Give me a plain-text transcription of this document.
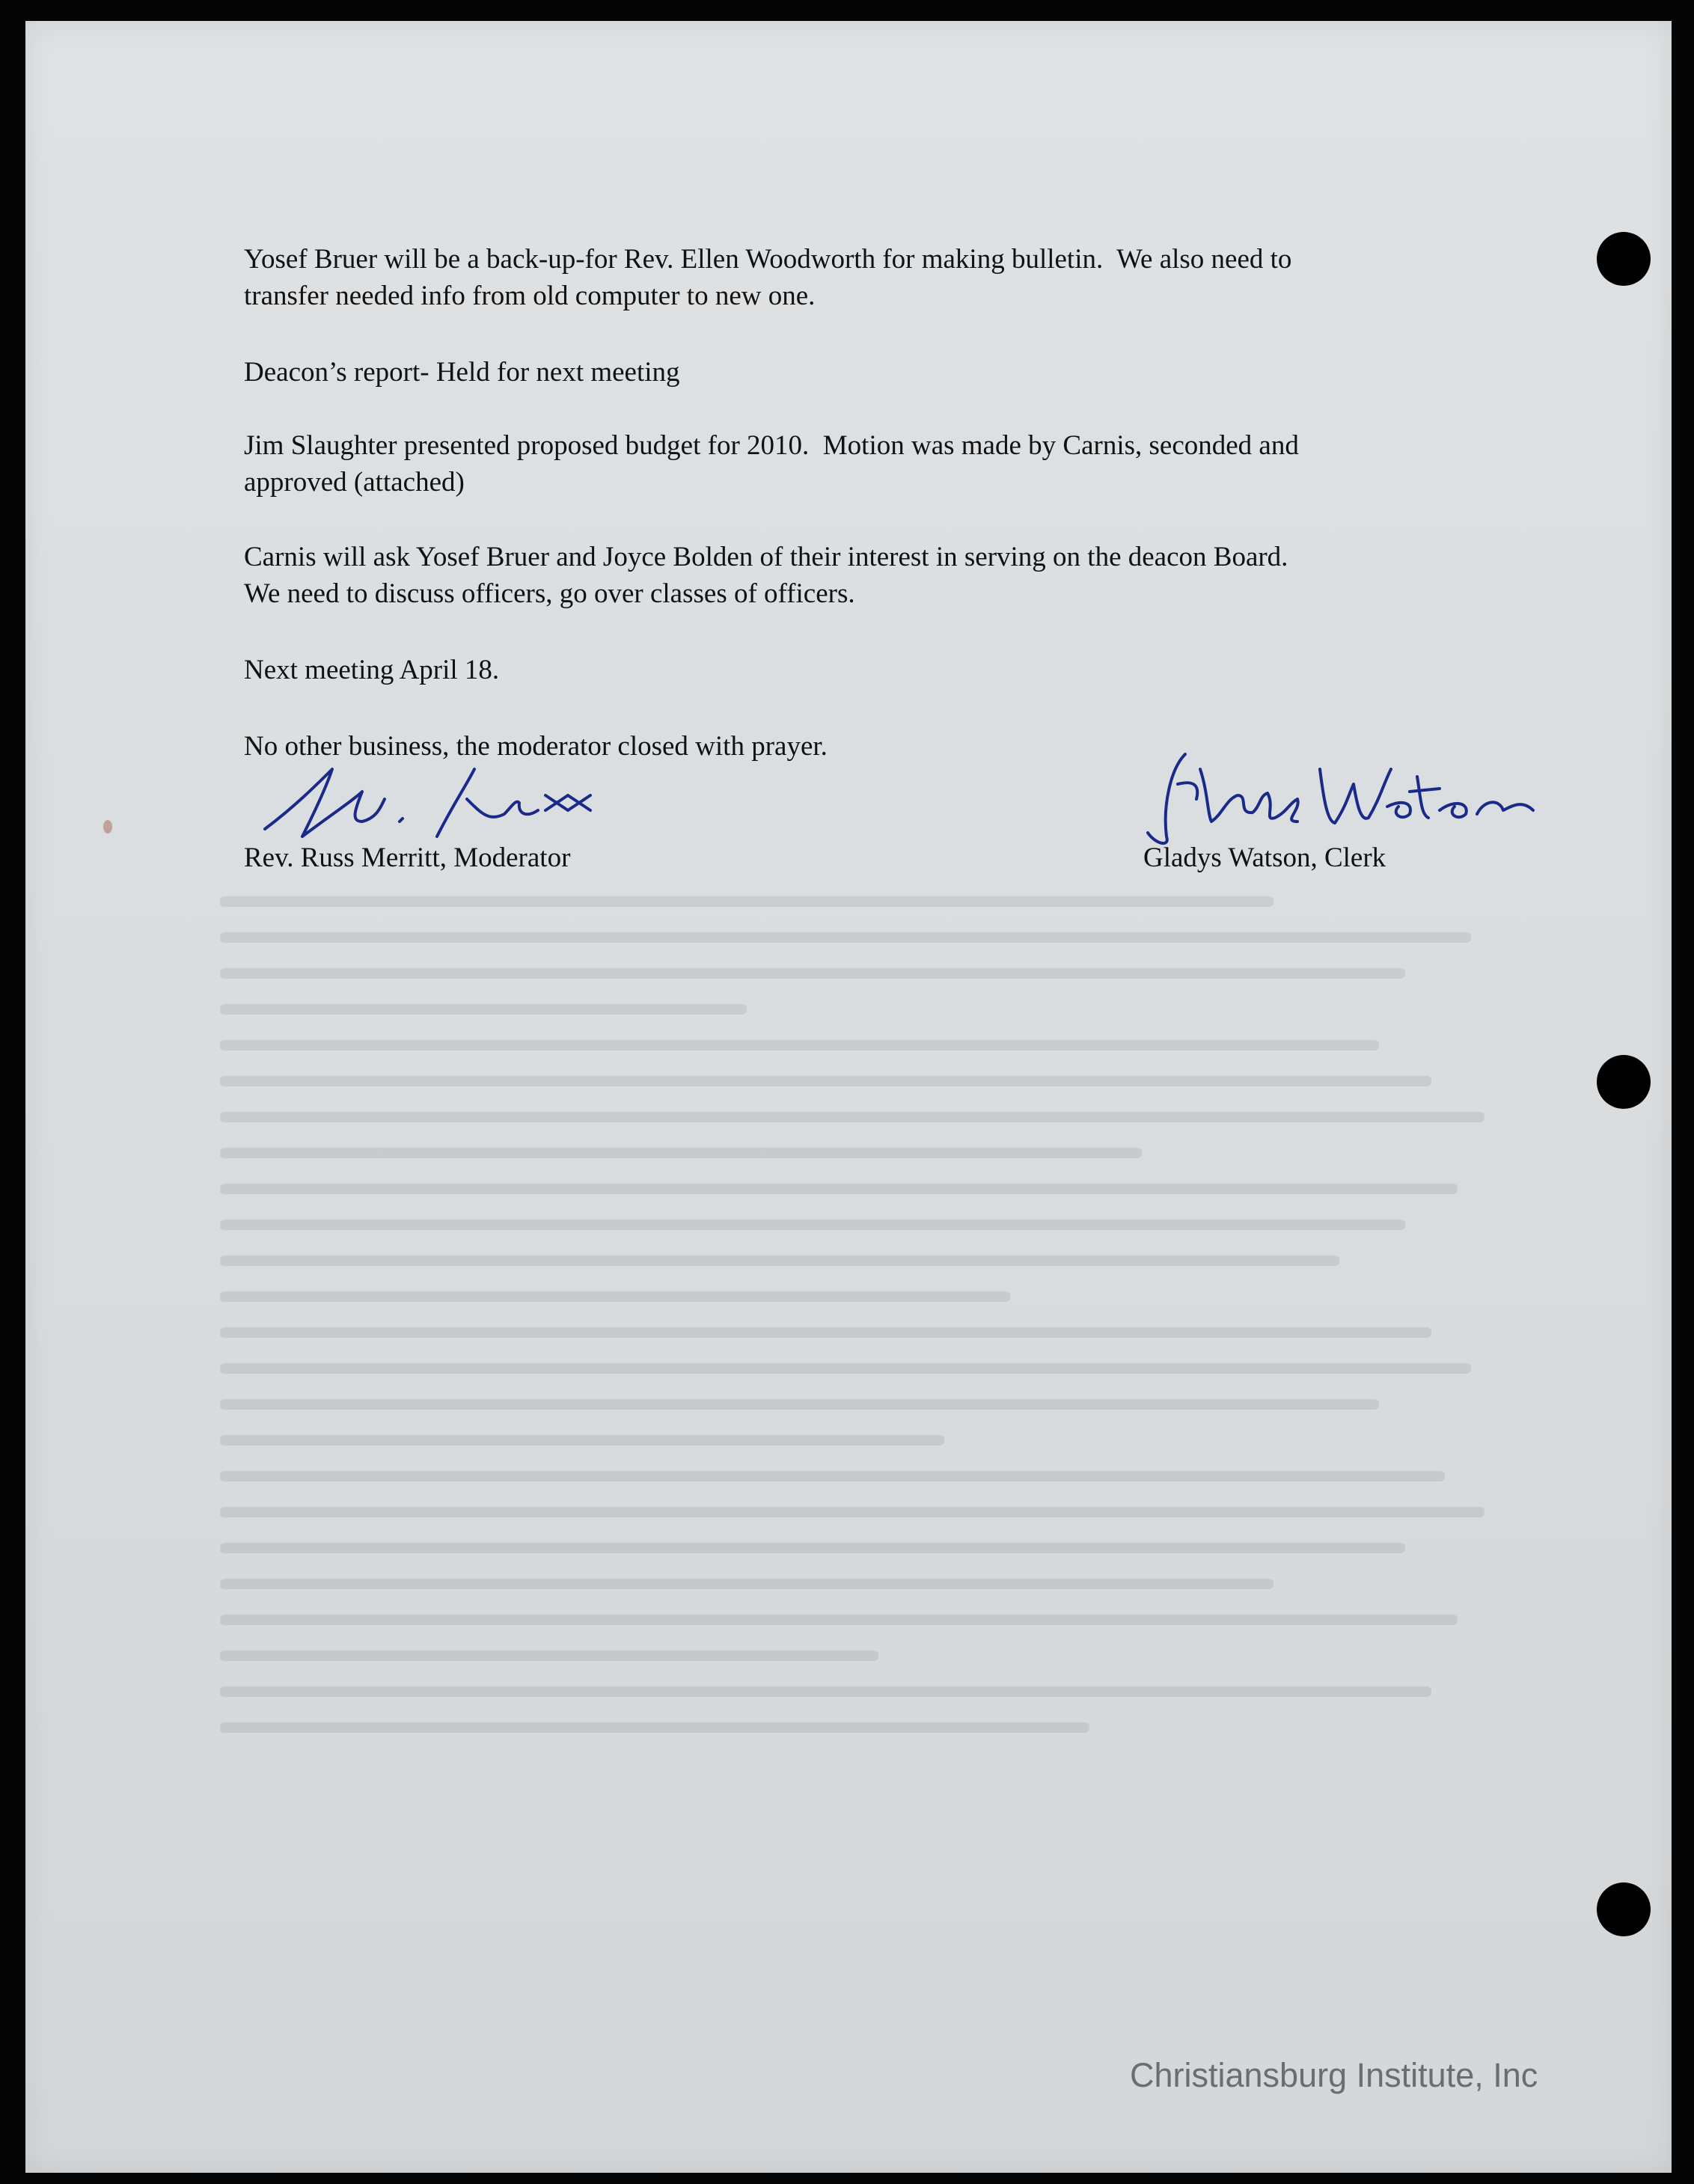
Yosef Bruer will be a back-up-for Rev. Ellen Woodworth for making bulletin.  We also need to
transfer needed info from old computer to new one.
Deacon’s report- Held for next meeting
Jim Slaughter presented proposed budget for 2010.  Motion was made by Carnis, seconded and
approved (attached)
Carnis will ask Yosef Bruer and Joyce Bolden of their interest in serving on the deacon Board.
We need to discuss officers, go over classes of officers.
Next meeting April 18.
No other business, the moderator closed with prayer.
Rev. Russ Merritt, Moderator	Gladys Watson, Clerk
Christiansburg Institute, Inc
